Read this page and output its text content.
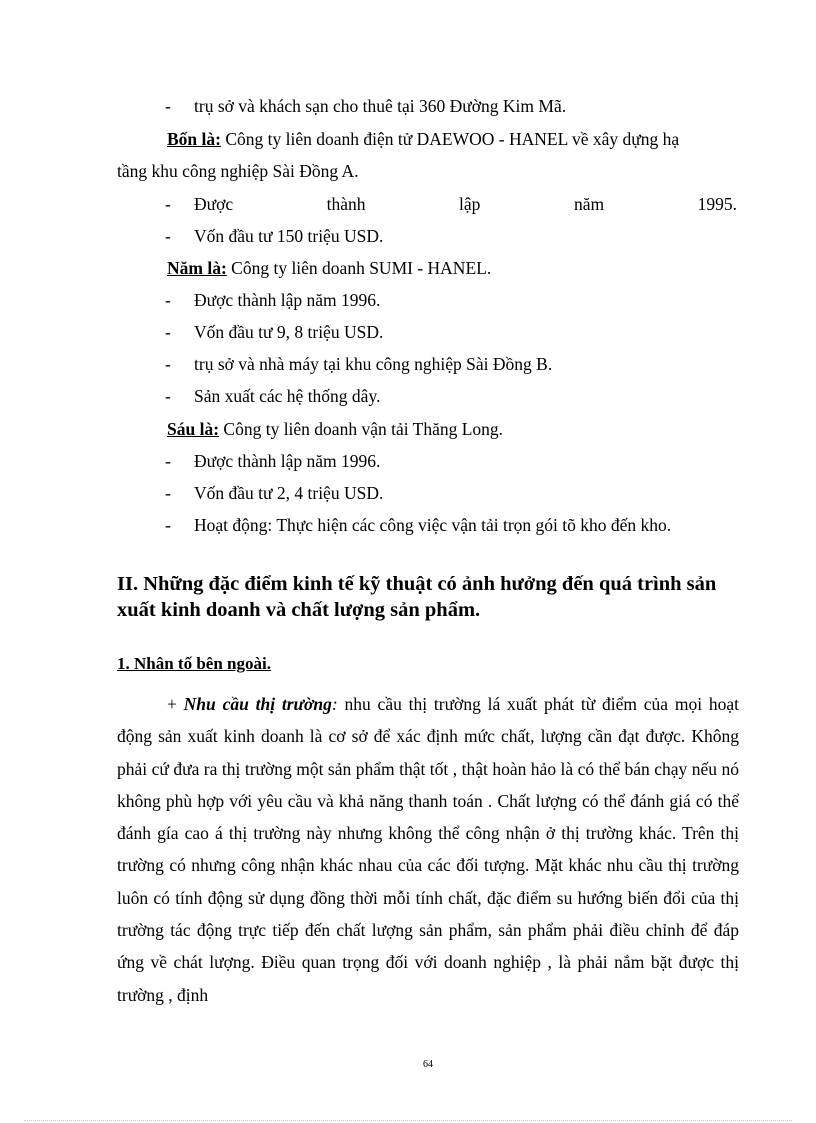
- trụ sở và khách sạn cho thuê tại 360 Đường Kim Mã.
Bốn là: Công ty liên doanh điện tử DAEWOO - HANEL về xây dựng hạ
tầng khu công nghiệp Sài Đồng A.
- Được	thành	lập	năm	1995.
- Vốn đầu tư 150 triệu USD.
Năm là: Công ty liên doanh SUMI - HANEL.
- Được thành lập năm 1996.
- Vốn đầu tư 9, 8 triệu USD.
- trụ sở và nhà máy tại khu công nghiệp Sài Đồng B.
- Sản xuất các hệ thống dây.
Sáu là: Công ty liên doanh vận tải Thăng Long.
- Được thành lập năm 1996.
- Vốn đầu tư 2, 4 triệu USD.
- Hoạt động: Thực hiện các công việc vận tải trọn gói tõ kho đến kho.
II. Những đặc điểm kinh tế kỹ thuật có ảnh hưởng đến quá trình sản xuất kinh doanh và chất lượng sản phẩm.
1. Nhân tố bên ngoài.
+ Nhu cầu thị trường: nhu cầu thị trường lá xuất phát từ điểm của mọi hoạt động sản xuất kinh doanh là cơ sở để xác định mức chất, lượng cần đạt được. Không phải cứ đưa ra thị trường một sản phẩm thật tốt , thật hoàn hảo là có thể bán chạy nếu nó không phù hợp với yêu cầu và khả năng thanh toán . Chất lượng có thể đánh giá có thể đánh gía cao á thị trường này nhưng không thể công nhận ở thị trường khác. Trên thị trường có nhưng công nhận khác nhau của các đối tượng. Mặt khác nhu cầu thị trường luôn có tính động sử dụng đồng thời mỗi tính chất, đặc điểm su hướng biến đổi của thị trường tác động trực tiếp đến chất lượng sản phẩm, sản phẩm phải điều chỉnh để đáp ứng về chát lượng. Điều quan trọng đối với doanh nghiệp , là phải nắm bặt được thị trường , định
64
